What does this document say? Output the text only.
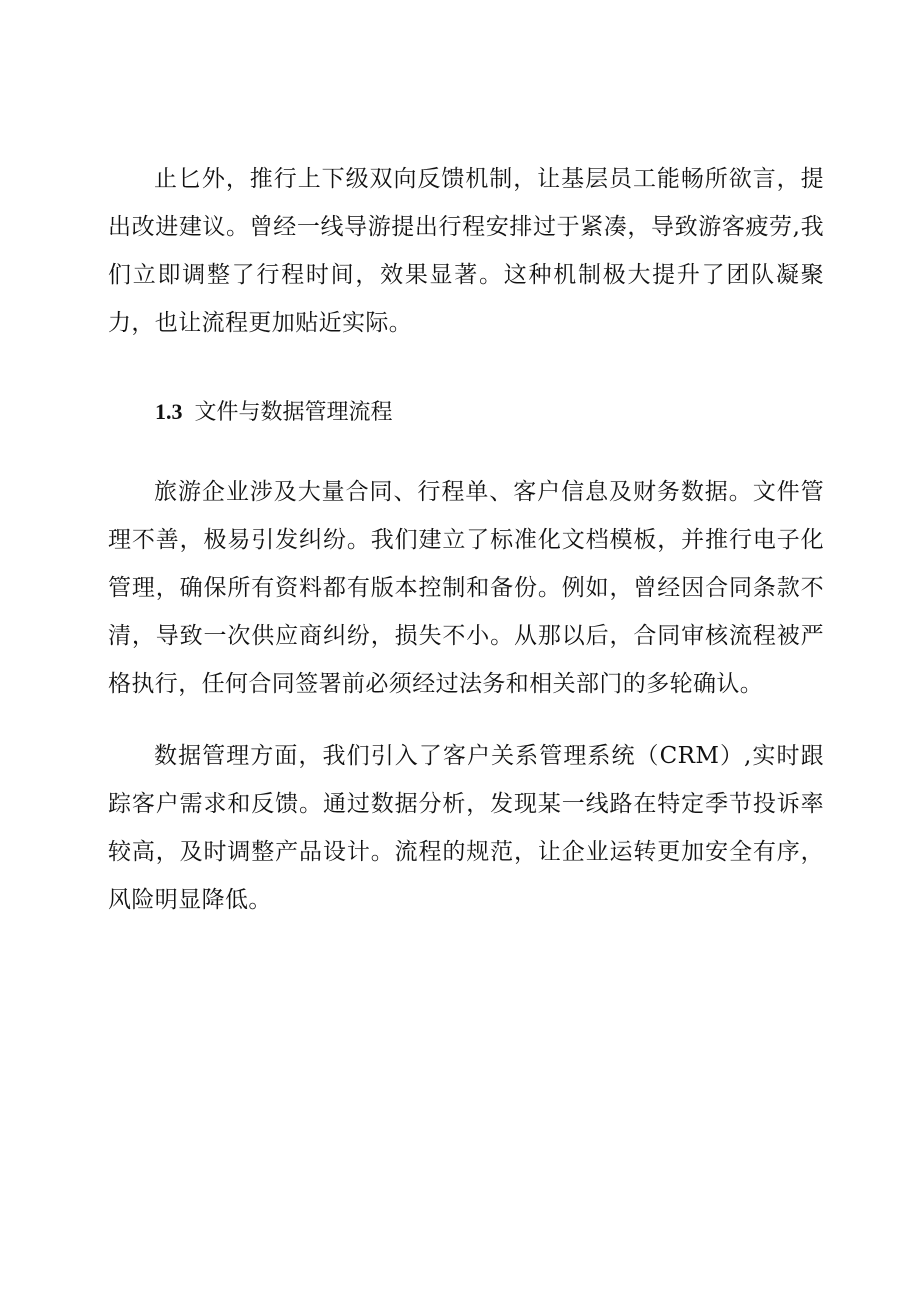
止匕外，推行上下级双向反馈机制，让基层员工能畅所欲言，提出改进建议。曾经一线导游提出行程安排过于紧凑，导致游客疲劳,我们立即调整了行程时间，效果显著。这种机制极大提升了团队凝聚力，也让流程更加贴近实际。

1.3 文件与数据管理流程

旅游企业涉及大量合同、行程单、客户信息及财务数据。文件管理不善，极易引发纠纷。我们建立了标准化文档模板，并推行电子化管理，确保所有资料都有版本控制和备份。例如，曾经因合同条款不清，导致一次供应商纠纷，损失不小。从那以后，合同审核流程被严格执行，任何合同签署前必须经过法务和相关部门的多轮确认。

数据管理方面，我们引入了客户关系管理系统（CRM）,实时跟踪客户需求和反馈。通过数据分析，发现某一线路在特定季节投诉率较高，及时调整产品设计。流程的规范，让企业运转更加安全有序，风险明显降低。
